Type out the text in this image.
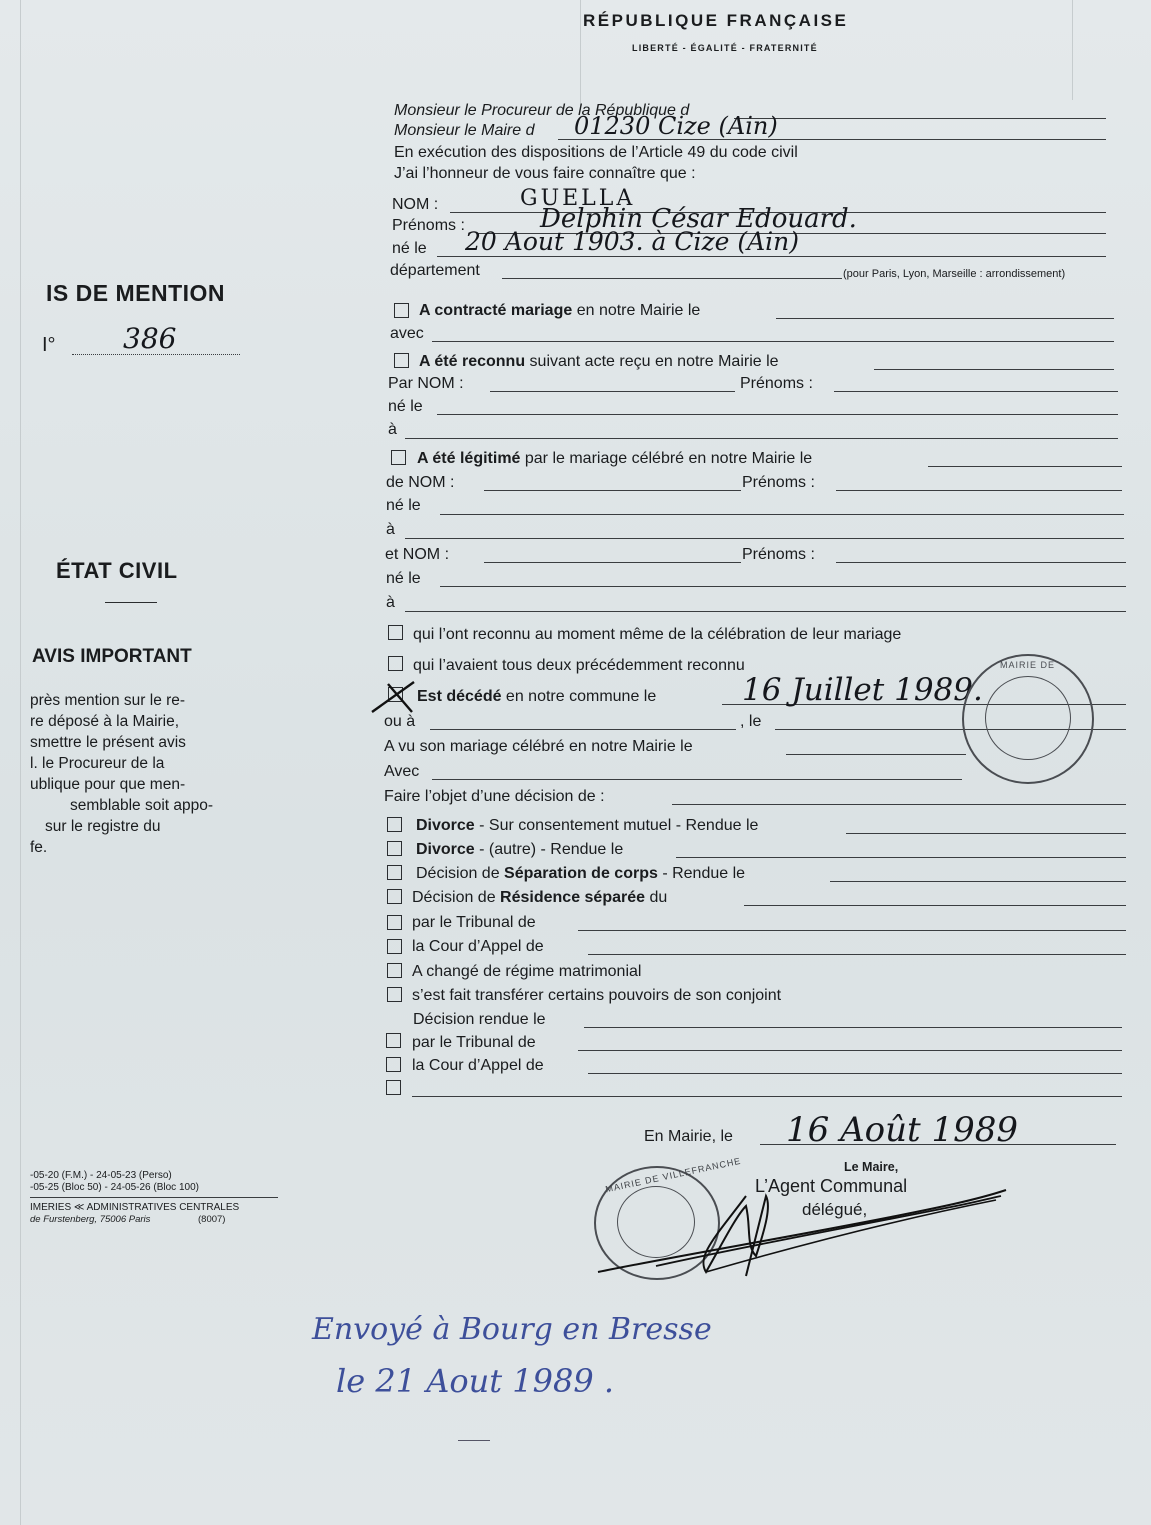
RÉPUBLIQUE FRANÇAISE
LIBERTÉ - ÉGALITÉ - FRATERNITÉ
IS DE MENTION
I° 386
ÉTAT CIVIL
AVIS IMPORTANT
près mention sur le re-
re déposé à la Mairie,
smettre le présent avis
l. le Procureur de la
ublique pour que men-
semblable soit appo-
sur le registre du
fe.
-05-20 (F.M.) - 24-05-23 (Perso)
-05-25 (Bloc 50) - 24-05-26 (Bloc 100)
IMERIES ≪ ADMINISTRATIVES CENTRALES
de Furstenberg, 75006 Paris	(8007)
Monsieur le Procureur de la République d
Monsieur le Maire d 01230 Cize (Ain)
En exécution des dispositions de l’Article 49 du code civil
J’ai l’honneur de vous faire connaître que :
NOM :	GUELLA
Prénoms :	Delphin César Edouard.
né le 20 Aout 1903. à Cize (Ain)
département	(pour Paris, Lyon, Marseille : arrondissement)
A contracté mariage en notre Mairie le
avec
A été reconnu suivant acte reçu en notre Mairie le
Par NOM :	Prénoms :
né le
à
A été légitimé par le mariage célébré en notre Mairie le
de NOM :	Prénoms :
né le
à
et NOM :	Prénoms :
né le
à
qui l’ont reconnu au moment même de la célébration de leur mariage
qui l’avaient tous deux précédemment reconnu
Est décédé en notre commune le	16 Juillet 1989.
ou à	, le
MAIRIE DE
A vu son mariage célébré en notre Mairie le
Avec
Faire l’objet d’une décision de :
Divorce - Sur consentement mutuel - Rendue le
Divorce - (autre) - Rendue le
Décision de Séparation de corps - Rendue le
Décision de Résidence séparée du
par le Tribunal de
la Cour d’Appel de
A changé de régime matrimonial
s’est fait transférer certains pouvoirs de son conjoint
Décision rendue le
par le Tribunal de
la Cour d’Appel de
En Mairie, le 16 Août 1989
Le Maire,
L’Agent Communal
délégué,
MAIRIE DE VILLEFRANCHE
Envoyé à Bourg en Bresse
le 21 Aout 1989 .
